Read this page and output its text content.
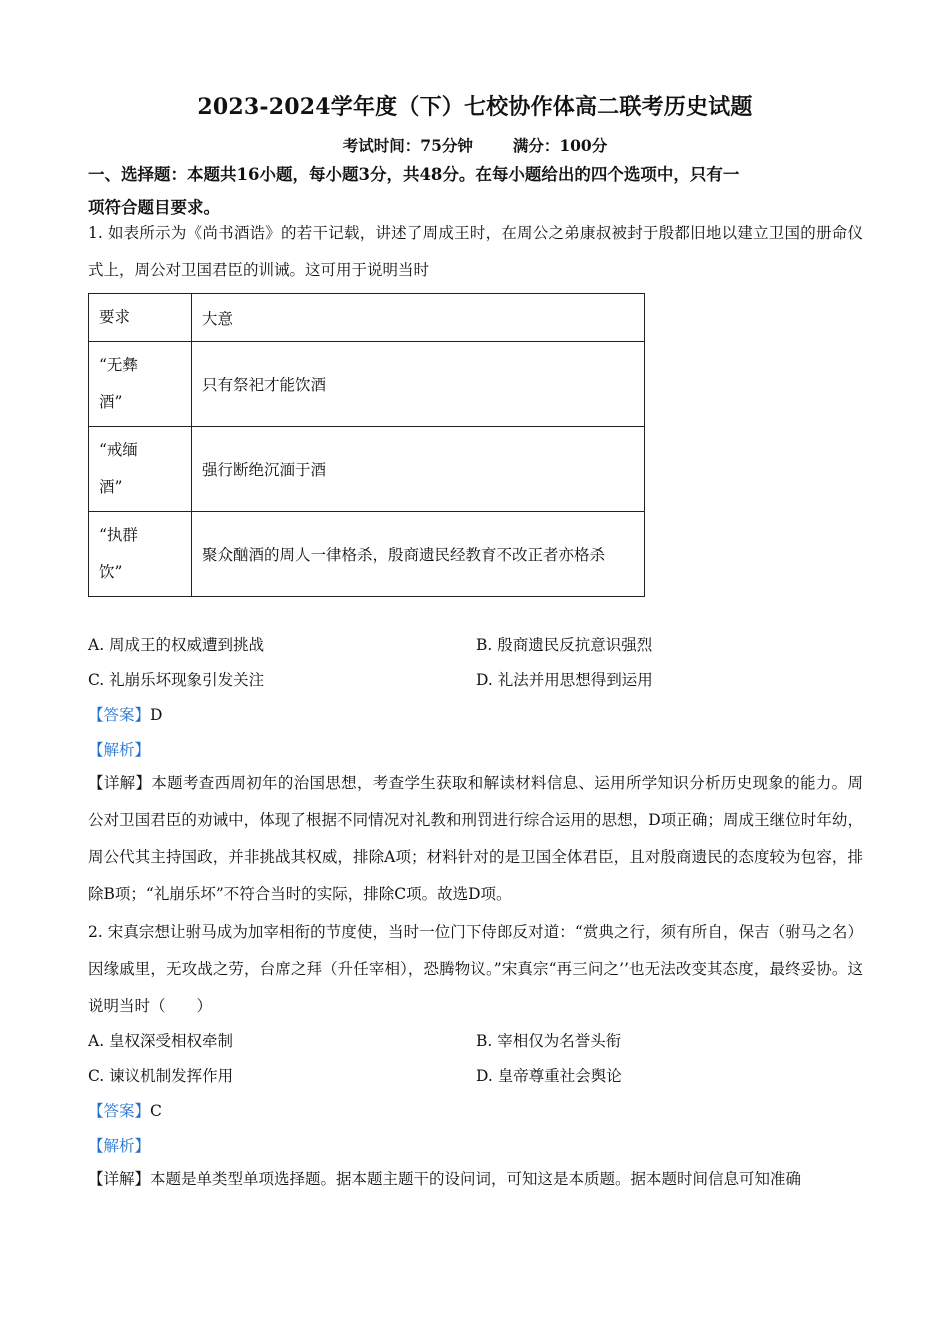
2023-2024学年度（下）七校协作体高二联考历史试题
考试时间：75分钟	满分：100分
一、选择题：本题共16小题，每小题3分，共48分。在每小题给出的四个选项中，只有一
项符合题目要求。
1. 如表所示为《尚书酒诰》的若干记载，讲述了周成王时，在周公之弟康叔被封于殷都旧地以建立卫国的册命仪式上，周公对卫国君臣的训诫。这可用于说明当时
要求	大意

“无彝
酒”	只有祭祀才能饮酒

“戒缅
酒”	强行断绝沉湎于酒

“执群
饮”	聚众酗酒的周人一律格杀，殷商遗民经教育不改正者亦格杀
A. 周成王的权威遭到挑战	B. 殷商遗民反抗意识强烈
C. 礼崩乐坏现象引发关注	D. 礼法并用思想得到运用
【答案】D
【解析】
【详解】本题考查西周初年的治国思想，考查学生获取和解读材料信息、运用所学知识分析历史现象的能力。周公对卫国君臣的劝诫中，体现了根据不同情况对礼教和刑罚进行综合运用的思想，D项正确；周成王继位时年幼，周公代其主持国政，并非挑战其权威，排除A项；材料针对的是卫国全体君臣，且对殷商遗民的态度较为包容，排除B项；“礼崩乐坏”不符合当时的实际，排除C项。故选D项。
2. 宋真宗想让驸马成为加宰相衔的节度使，当时一位门下侍郎反对道：“赏典之行，须有所自，保吉（驸马之名）因缘戚里，无攻战之劳，台席之拜（升任宰相），恐腾物议。”宋真宗“再三问之’’也无法改变其态度，最终妥协。这说明当时（　　）
A. 皇权深受相权牵制	B. 宰相仅为名誉头衔
C. 谏议机制发挥作用	D. 皇帝尊重社会舆论
【答案】C
【解析】
【详解】本题是单类型单项选择题。据本题主题干的设问词，可知这是本质题。据本题时间信息可知准确
